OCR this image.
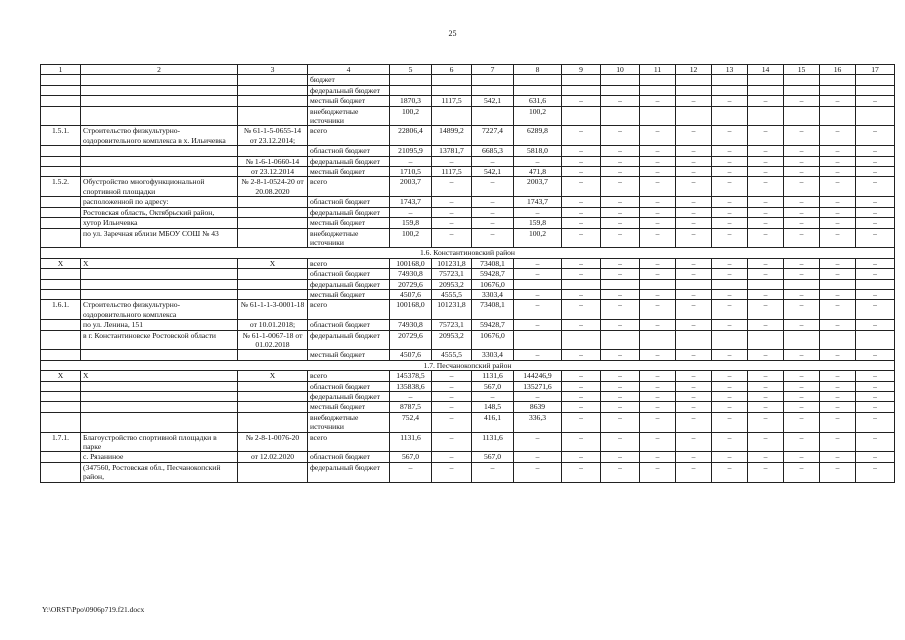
25
1	2	3	4	5	6	7	8	9	10	11	12	13	14	15	16	17
			бюджет													
			федеральный бюджет													
			местный бюджет	1870,3	1117,5	542,1	631,6	–	–	–	–	–	–	–	–	–
			внебюджетные источники	100,2			100,2									
1.5.1.	Строительство физкультурно-оздоровительного комплекса в х. Ильичевка	№ 61-1-5-0655-14 от 23.12.2014;	всего	22806,4	14899,2	7227,4	6289,8	–	–	–	–	–	–	–	–	–
			областной бюджет	21095,9	13781,7	6685,3	5818,0	–	–	–	–	–	–	–	–	–
		№ 1-6-1-0660-14	федеральный бюджет	–	–	–	–	–	–	–	–	–	–	–	–	–
		от 23.12.2014	местный бюджет	1710,5	1117,5	542,1	471,8	–	–	–	–	–	–	–	–	–
1.5.2.	Обустройство многофункциональной спортивной площадки	№ 2-8-1-0524-20 от 20.08.2020	всего	2003,7	–	–	2003,7	–	–	–	–	–	–	–	–	–
	расположенной по адресу:		областной бюджет	1743,7	–	–	1743,7	–	–	–	–	–	–	–	–	–
	Ростовская область, Октябрьский район,		федеральный бюджет	–	–	–	–	–	–	–	–	–	–	–	–	–
	хутор Ильичевка		местный бюджет	159,8	–	–	159,8	–	–	–	–	–	–	–	–	–
	по ул. Заречная вблизи МБОУ СОШ № 43		внебюджетные источники	100,2	–	–	100,2	–	–	–	–	–	–	–	–	–
1.6. Константиновский район																
Х	Х	Х	всего	100168,0	101231,8	73408,1	–	–	–	–	–	–	–	–	–	–
			областной бюджет	74930,8	75723,1	59428,7	–	–	–	–	–	–	–	–	–	–
			федеральный бюджет	20729,6	20953,2	10676,0										
			местный бюджет	4507,6	4555,5	3303,4	–	–	–	–	–	–	–	–	–	–
1.6.1.	Строительство физкультурно-оздоровительного комплекса	№ 61-1-1-3-0001-18	всего	100168,0	101231,8	73408,1	–	–	–	–	–	–	–	–	–	–
	по ул. Ленина, 151	от 10.01.2018;	областной бюджет	74930,8	75723,1	59428,7	–	–	–	–	–	–	–	–	–	–
	в г. Константиновске Ростовской области	№ 61-1-0067-18 от 01.02.2018	федеральный бюджет	20729,6	20953,2	10676,0										
			местный бюджет	4507,6	4555,5	3303,4	–	–	–	–	–	–	–	–	–	–
1.7. Песчанокопский район																
Х	Х	Х	всего	145378,5	–	1131,6	144246,9	–	–	–	–	–	–	–	–	–
			областной бюджет	135838,6	–	567,0	135271,6	–	–	–	–	–	–	–	–	–
			федеральный бюджет	–	–	–	–	–	–	–	–	–	–	–	–	–
			местный бюджет	8787,5	–	148,5	8639	–	–	–	–	–	–	–	–	–
			внебюджетные источники	752,4	–	416,1	336,3	–	–	–	–	–	–	–	–	–
1.7.1.	Благоустройство спортивной площадки в парке	№ 2-8-1-0076-20	всего	1131,6	–	1131,6	–	–	–	–	–	–	–	–	–	–
	с. Рязаниное	от 12.02.2020	областной бюджет	567,0	–	567,0	–	–	–	–	–	–	–	–	–	–
	(347560, Ростовская обл., Песчанокопский район,		федеральный бюджет	–	–	–	–	–	–	–	–	–	–	–	–	–
Y:\ORST\Ppo\0906p719.f21.docx
